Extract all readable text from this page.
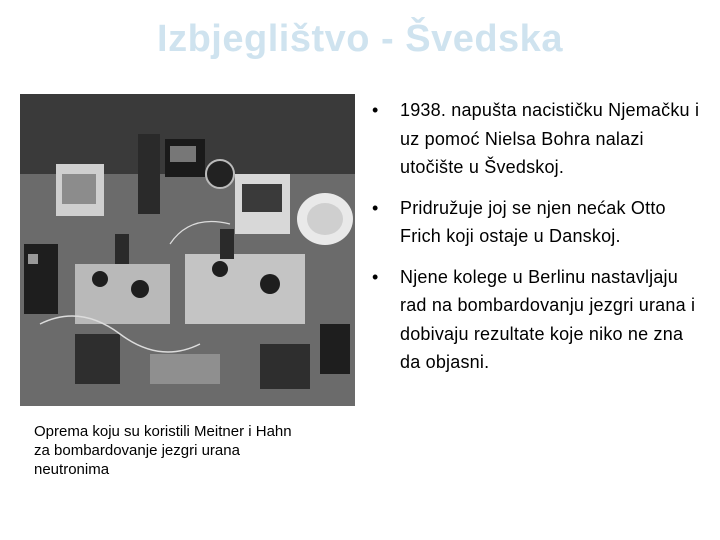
Izbjeglištvo - Švedska
Oprema koju su koristili Meitner i Hahn za bombardovanje jezgri urana neutronima
• 1938. napušta nacističku Njemačku i uz pomoć Nielsa Bohra nalazi utočište u Švedskoj.
• Pridružuje joj se njen nećak Otto Frich koji ostaje u Danskoj.
• Njene kolege u Berlinu nastavljaju rad na bombardovanju jezgri urana i dobivaju rezultate koje niko ne zna da objasni.
